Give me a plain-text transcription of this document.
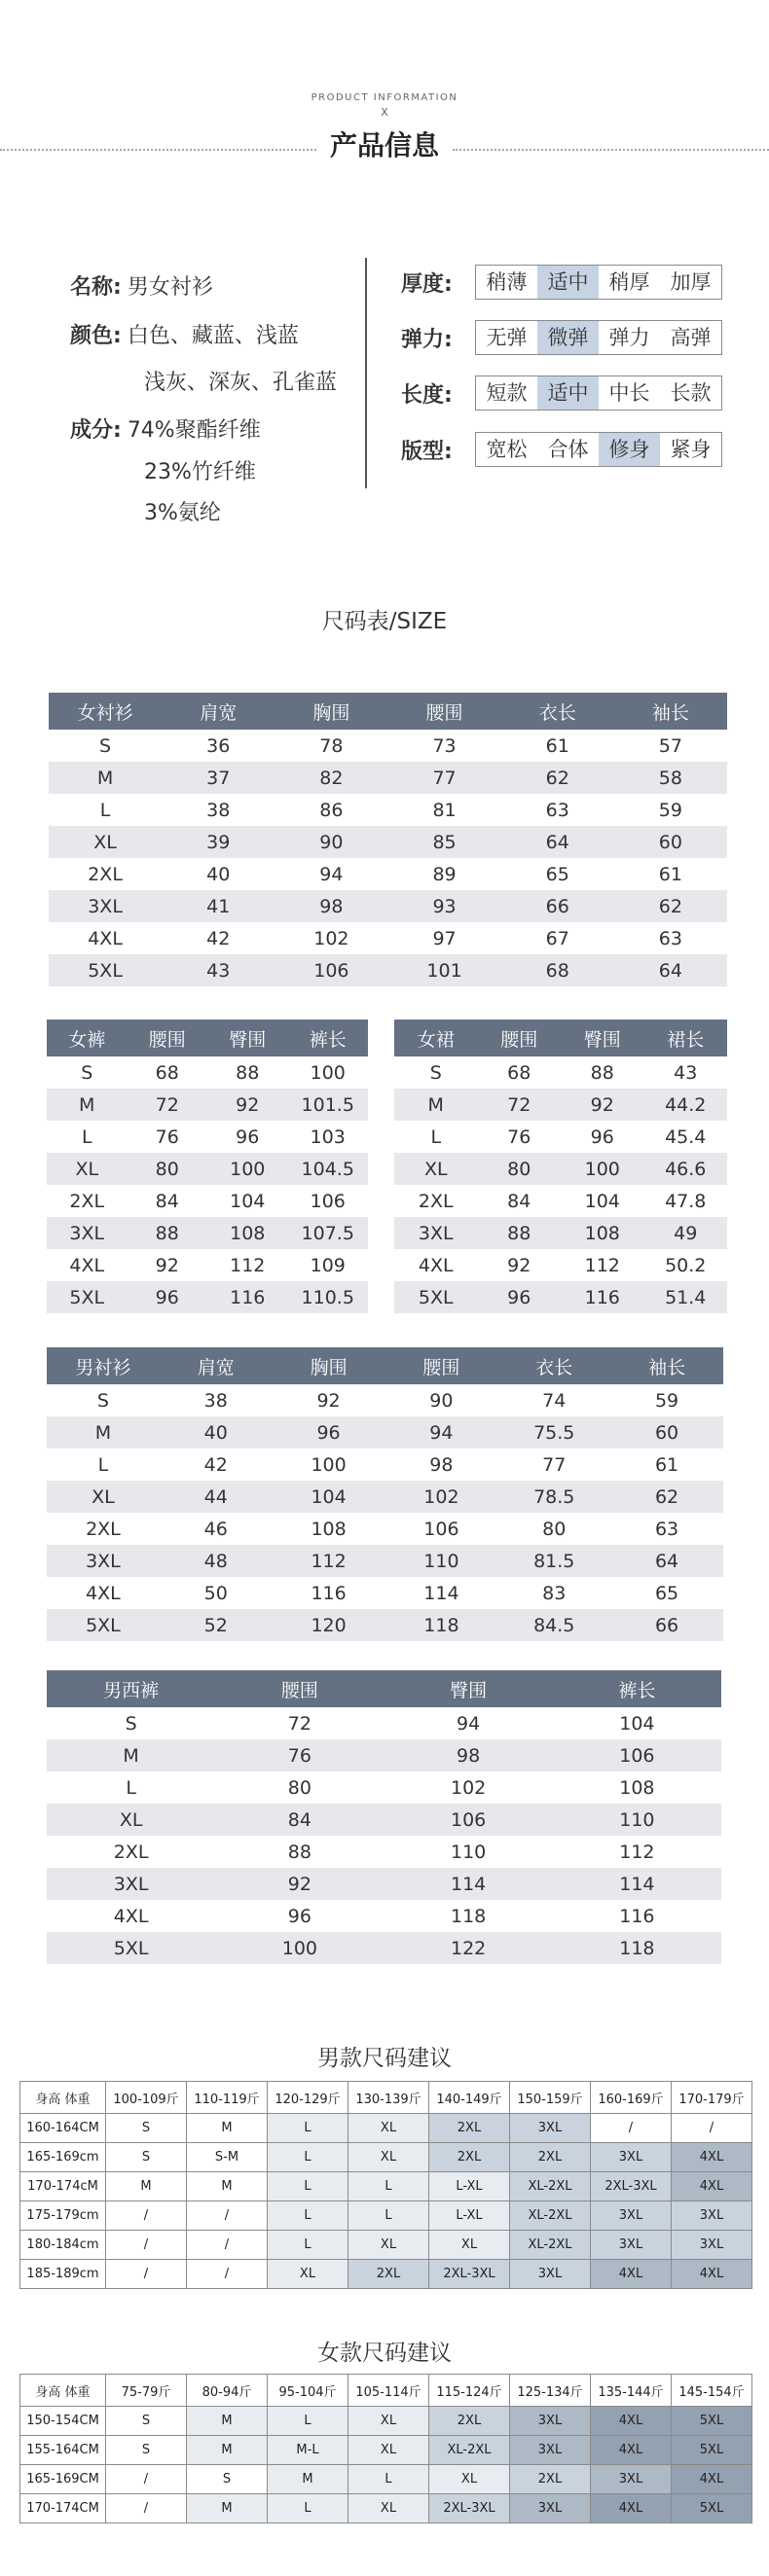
PRODUCT INFORMATION
X
产品信息
名称: 男女衬衫
颜色: 白色、藏蓝、浅蓝
浅灰、深灰、孔雀蓝
成分: 74%聚酯纤维
23%竹纤维
3%氨纶
厚度:	稍薄	适中	稍厚	加厚
弹力:	无弹	微弹	弹力	高弹
长度:	短款	适中	中长	长款
版型:	宽松	合体	修身	紧身
尺码表/SIZE
女衬衫	肩宽	胸围	腰围	衣长	袖长
S	36	78	73	61	57
M	37	82	77	62	58
L	38	86	81	63	59
XL	39	90	85	64	60
2XL	40	94	89	65	61
3XL	41	98	93	66	62
4XL	42	102	97	67	63
5XL	43	106	101	68	64
女裤	腰围	臀围	裤长
S	68	88	100
M	72	92	101.5
L	76	96	103
XL	80	100	104.5
2XL	84	104	106
3XL	88	108	107.5
4XL	92	112	109
5XL	96	116	110.5
女裙	腰围	臀围	裙长
S	68	88	43
M	72	92	44.2
L	76	96	45.4
XL	80	100	46.6
2XL	84	104	47.8
3XL	88	108	49
4XL	92	112	50.2
5XL	96	116	51.4
男衬衫	肩宽	胸围	腰围	衣长	袖长
S	38	92	90	74	59
M	40	96	94	75.5	60
L	42	100	98	77	61
XL	44	104	102	78.5	62
2XL	46	108	106	80	63
3XL	48	112	110	81.5	64
4XL	50	116	114	83	65
5XL	52	120	118	84.5	66
男西裤	腰围	臀围	裤长
S	72	94	104
M	76	98	106
L	80	102	108
XL	84	106	110
2XL	88	110	112
3XL	92	114	114
4XL	96	118	116
5XL	100	122	118
男款尺码建议
身高 体重	100-109斤	110-119斤	120-129斤	130-139斤	140-149斤	150-159斤	160-169斤	170-179斤
160-164CM	S	M	L	XL	2XL	3XL	/	/
165-169cm	S	S-M	L	XL	2XL	2XL	3XL	4XL
170-174cM	M	M	L	L	L-XL	XL-2XL	2XL-3XL	4XL
175-179cm	/	/	L	L	L-XL	XL-2XL	3XL	3XL
180-184cm	/	/	L	XL	XL	XL-2XL	3XL	3XL
185-189cm	/	/	XL	2XL	2XL-3XL	3XL	4XL	4XL
女款尺码建议
身高 体重	75-79斤	80-94斤	95-104斤	105-114斤	115-124斤	125-134斤	135-144斤	145-154斤
150-154CM	S	M	L	XL	2XL	3XL	4XL	5XL
155-164CM	S	M	M-L	XL	XL-2XL	3XL	4XL	5XL
165-169CM	/	S	M	L	XL	2XL	3XL	4XL
170-174CM	/	M	L	XL	2XL-3XL	3XL	4XL	5XL
